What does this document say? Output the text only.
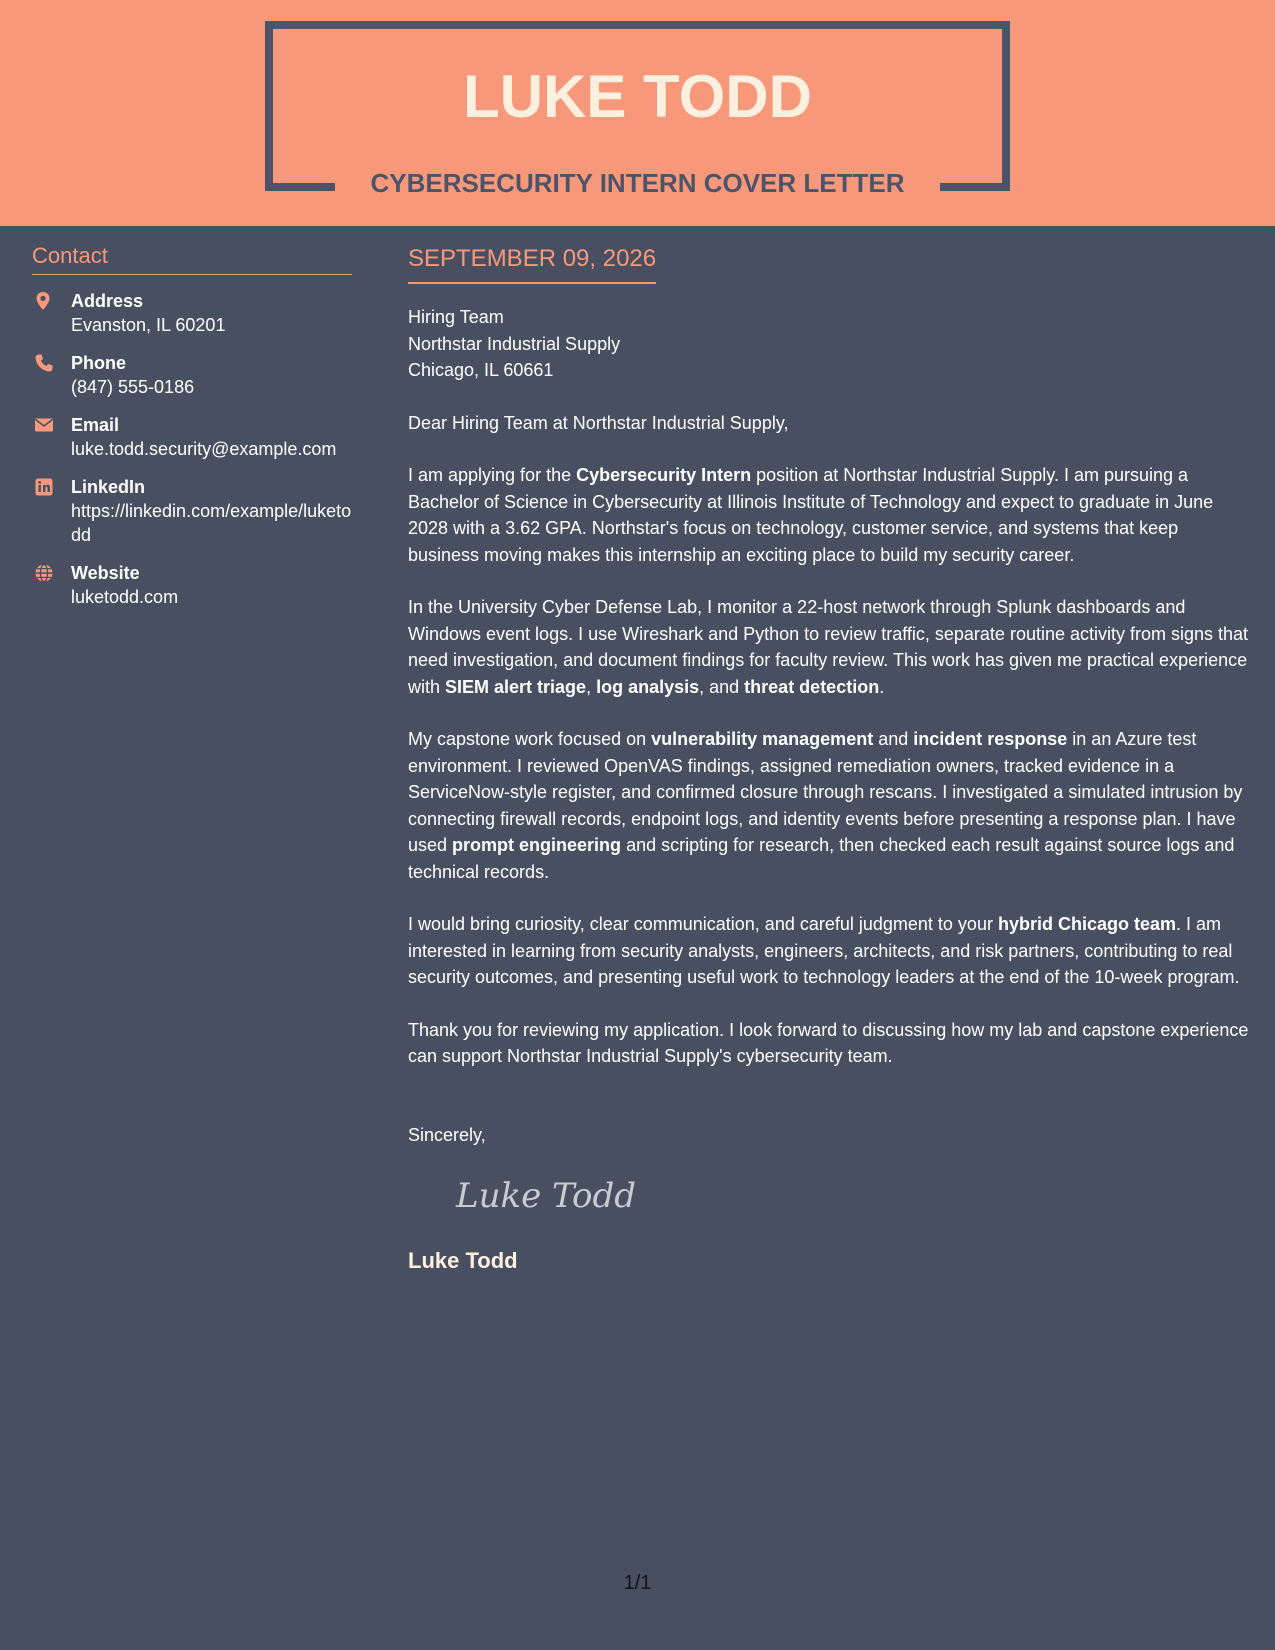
LUKE TODD
CYBERSECURITY INTERN COVER LETTER
Contact
Address
Evanston, IL 60201
Phone
(847) 555-0186
Email
luke.todd.security@example.com
LinkedIn
https://linkedin.com/example/luketodd
Website
luketodd.com
SEPTEMBER 09, 2026
Hiring Team
Northstar Industrial Supply
Chicago, IL 60661
Dear Hiring Team at Northstar Industrial Supply,
I am applying for the Cybersecurity Intern position at Northstar Industrial Supply. I am pursuing a Bachelor of Science in Cybersecurity at Illinois Institute of Technology and expect to graduate in June 2028 with a 3.62 GPA. Northstar's focus on technology, customer service, and systems that keep business moving makes this internship an exciting place to build my security career.
In the University Cyber Defense Lab, I monitor a 22-host network through Splunk dashboards and Windows event logs. I use Wireshark and Python to review traffic, separate routine activity from signs that need investigation, and document findings for faculty review. This work has given me practical experience with SIEM alert triage, log analysis, and threat detection.
My capstone work focused on vulnerability management and incident response in an Azure test environment. I reviewed OpenVAS findings, assigned remediation owners, tracked evidence in a ServiceNow-style register, and confirmed closure through rescans. I investigated a simulated intrusion by connecting firewall records, endpoint logs, and identity events before presenting a response plan. I have used prompt engineering and scripting for research, then checked each result against source logs and technical records.
I would bring curiosity, clear communication, and careful judgment to your hybrid Chicago team. I am interested in learning from security analysts, engineers, architects, and risk partners, contributing to real security outcomes, and presenting useful work to technology leaders at the end of the 10-week program.
Thank you for reviewing my application. I look forward to discussing how my lab and capstone experience can support Northstar Industrial Supply's cybersecurity team.
Sincerely,
Luke Todd
Luke Todd
1/1
